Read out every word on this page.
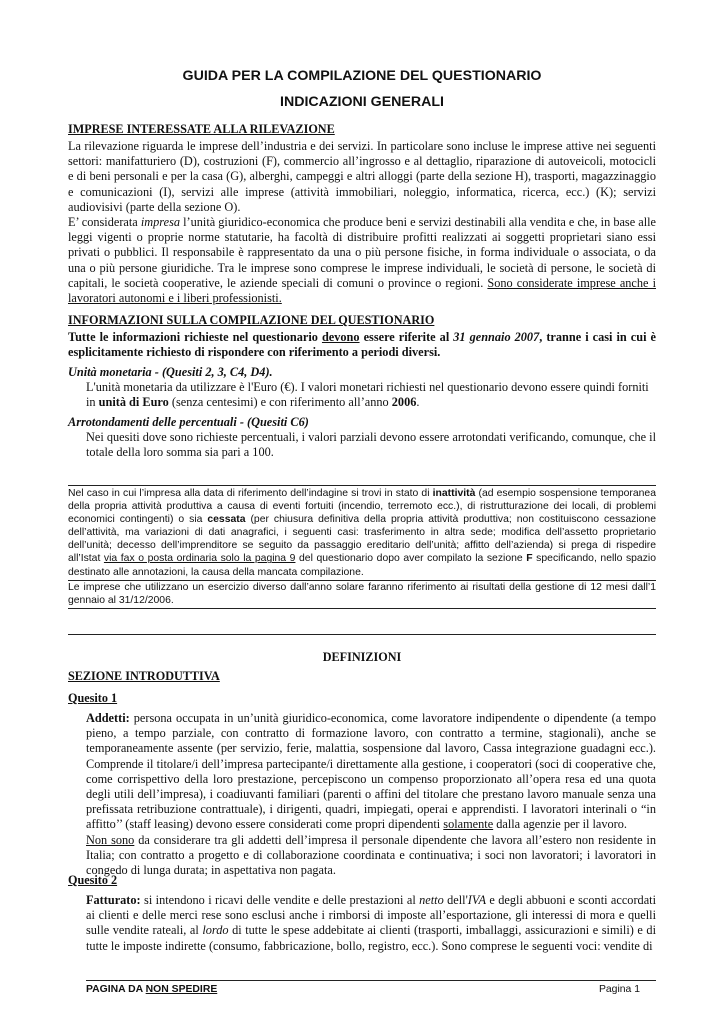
GUIDA PER LA COMPILAZIONE DEL QUESTIONARIO
INDICAZIONI GENERALI
IMPRESE INTERESSATE ALLA RILEVAZIONE
La rilevazione riguarda le imprese dell’industria e dei servizi. In particolare sono incluse le imprese attive nei seguenti settori: manifatturiero (D), costruzioni (F), commercio all’ingrosso e al dettaglio, riparazione di autoveicoli, motocicli e di beni personali e per la casa (G), alberghi, campeggi e altri alloggi (parte della sezione H), trasporti, magazzinaggio e comunicazioni (I), servizi alle imprese (attività immobiliari, noleggio, informatica, ricerca, ecc.) (K); servizi audiovisivi (parte della sezione O).
E’ considerata impresa l’unità giuridico-economica che produce beni e servizi destinabili alla vendita e che, in base alle leggi vigenti o proprie norme statutarie, ha facoltà di distribuire profitti realizzati ai soggetti proprietari siano essi privati o pubblici. Il responsabile è rappresentato da una o più persone fisiche, in forma individuale o associata, o da una o più persone giuridiche. Tra le imprese sono comprese le imprese individuali, le società di persone, le società di capitali, le società cooperative, le aziende speciali di comuni o province o regioni. Sono considerate imprese anche i lavoratori autonomi e i liberi professionisti.
INFORMAZIONI SULLA COMPILAZIONE DEL QUESTIONARIO
Tutte le informazioni richieste nel questionario devono essere riferite al 31 gennaio 2007, tranne i casi in cui è esplicitamente richiesto di rispondere con riferimento a periodi diversi.
Unità monetaria - (Quesiti 2, 3, C4, D4).
L'unità monetaria da utilizzare è l'Euro (€). I valori monetari richiesti nel questionario devono essere quindi forniti in unità di Euro (senza centesimi) e con riferimento all’anno 2006.
Arrotondamenti delle percentuali - (Quesiti C6)
Nei quesiti dove sono richieste percentuali, i valori parziali devono essere arrotondati verificando, comunque, che il totale della loro somma sia pari a 100.
Nel caso in cui l’impresa alla data di riferimento dell’indagine si trovi in stato di inattività (ad esempio sospensione temporanea della propria attività produttiva a causa di eventi fortuiti (incendio, terremoto ecc.), di ristrutturazione dei locali, di problemi economici contingenti) o sia cessata (per chiusura definitiva della propria attività produttiva; non costituiscono cessazione dell’attività, ma variazioni di dati anagrafici, i seguenti casi: trasferimento in altra sede; modifica dell’assetto proprietario dell’unità; decesso dell’imprenditore se seguito da passaggio ereditario dell’unità; affitto dell’azienda) si prega di rispedire all’Istat via fax o posta ordinaria solo la pagina 9 del questionario dopo aver compilato la sezione F specificando, nello spazio destinato alle annotazioni, la causa della mancata compilazione.
Le imprese che utilizzano un esercizio diverso dall’anno solare faranno riferimento ai risultati della gestione di 12 mesi dall’1 gennaio al 31/12/2006.
DEFINIZIONI
SEZIONE INTRODUTTIVA
Quesito 1
Addetti: persona occupata in un’unità giuridico-economica, come lavoratore indipendente o dipendente (a tempo pieno, a tempo parziale, con contratto di formazione lavoro, con contratto a termine, stagionali), anche se temporaneamente assente (per servizio, ferie, malattia, sospensione dal lavoro, Cassa integrazione guadagni ecc.). Comprende il titolare/i dell’impresa partecipante/i direttamente alla gestione, i cooperatori (soci di cooperative che, come corrispettivo della loro prestazione, percepiscono un compenso proporzionato all’opera resa ed una quota degli utili dell’impresa), i coadiuvanti familiari (parenti o affini del titolare che prestano lavoro manuale senza una prefissata retribuzione contrattuale), i dirigenti, quadri, impiegati, operai e apprendisti. I lavoratori interinali o “in affitto’’ (staff leasing) devono essere considerati come propri dipendenti solamente dalla agenzie per il lavoro.
Non sono da considerare tra gli addetti dell’impresa il personale dipendente che lavora all’estero non residente in Italia; con contratto a progetto e di collaborazione coordinata e continuativa; i soci non lavoratori; i lavoratori in congedo di lunga durata; in aspettativa non pagata.
Quesito 2
Fatturato: si intendono i ricavi delle vendite e delle prestazioni al netto dell'IVA e degli abbuoni e sconti accordati ai clienti e delle merci rese sono esclusi anche i rimborsi di imposte all’esportazione, gli interessi di mora e quelli sulle vendite rateali, al lordo di tutte le spese addebitate ai clienti (trasporti, imballaggi, assicurazioni e simili) e di tutte le imposte indirette (consumo, fabbricazione, bollo, registro, ecc.). Sono comprese le seguenti voci: vendite di
PAGINA DA NON SPEDIRE	Pagina 1
